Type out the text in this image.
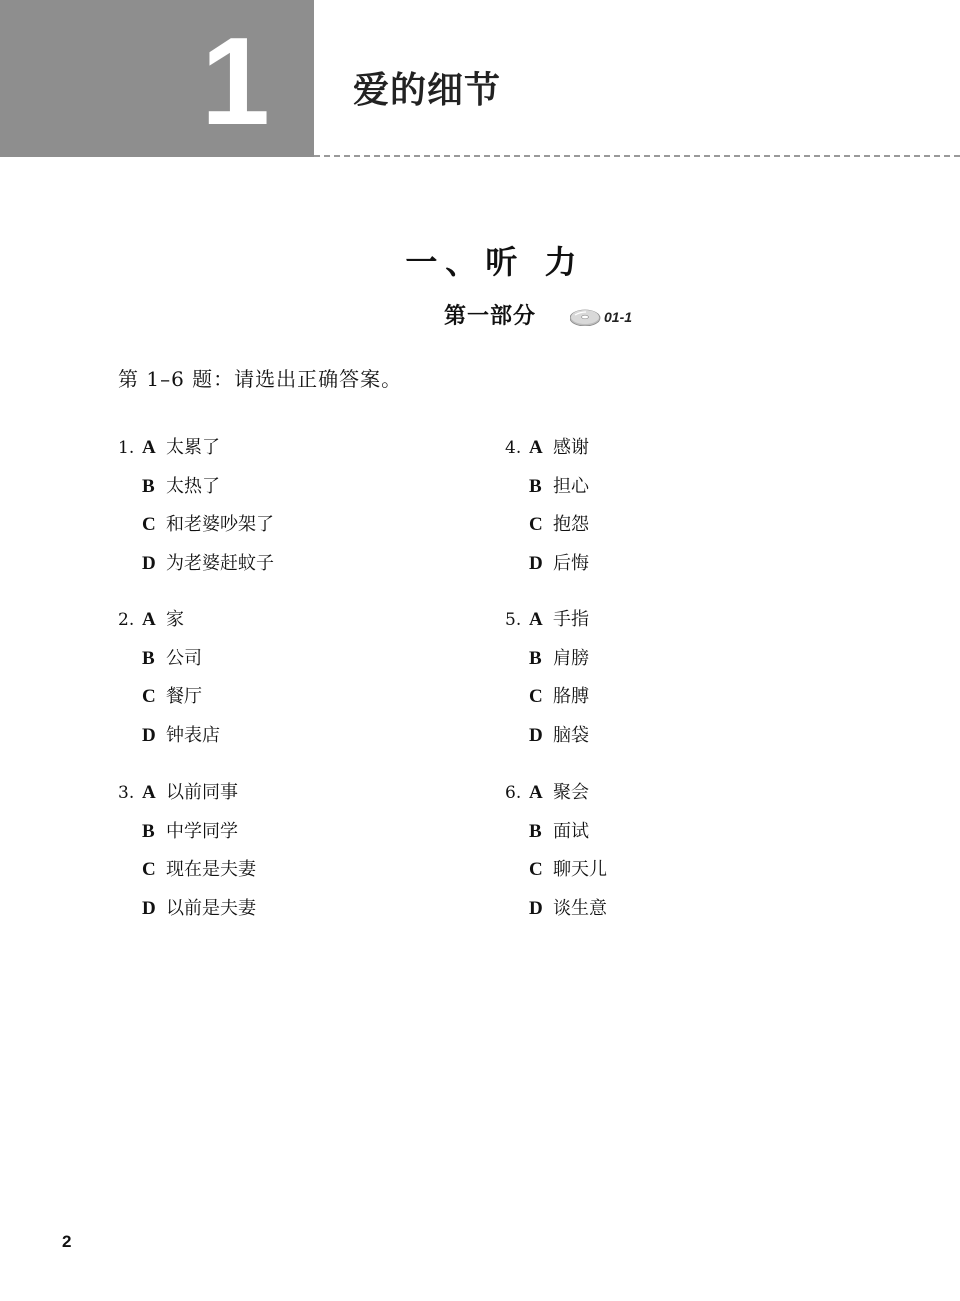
1 爱的细节
一、听 力
第一部分	01-1
第 1–6 题：请选出正确答案。
1. A 太累了
B 太热了
C 和老婆吵架了
D 为老婆赶蚊子
2. A 家
B 公司
C 餐厅
D 钟表店
3. A 以前同事
B 中学同学
C 现在是夫妻
D 以前是夫妻
4. A 感谢
B 担心
C 抱怨
D 后悔
5. A 手指
B 肩膀
C 胳膊
D 脑袋
6. A 聚会
B 面试
C 聊天儿
D 谈生意
2
